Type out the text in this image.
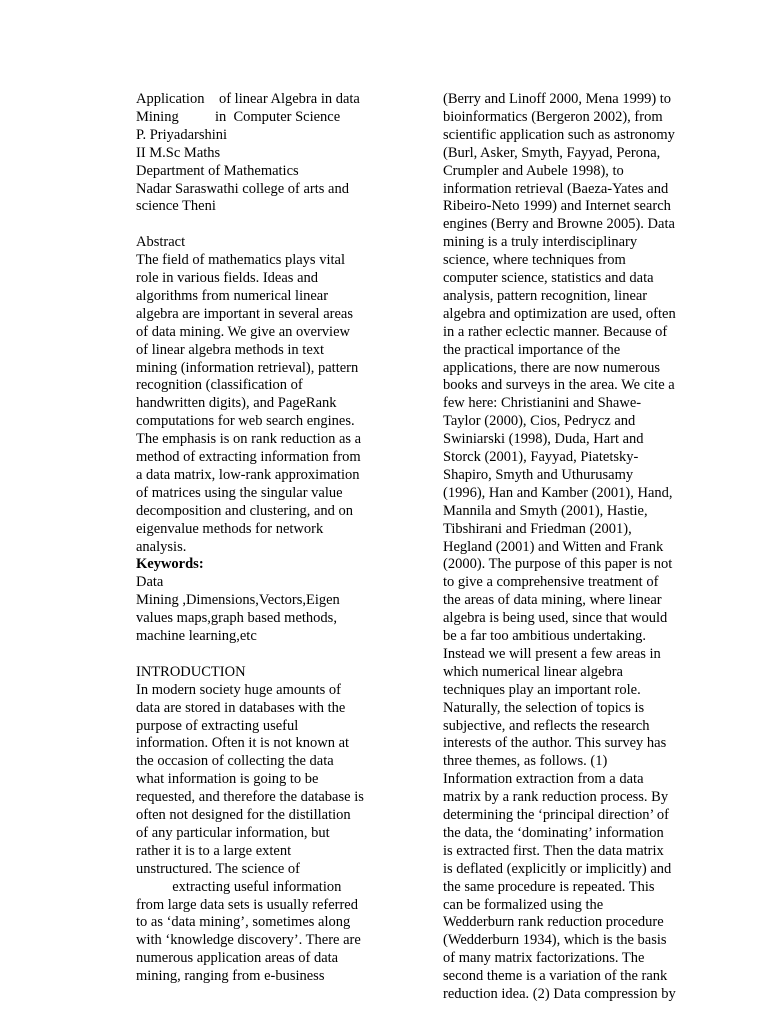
Application    of linear Algebra in data
Mining          in  Computer Science
P. Priyadarshini
II M.Sc Maths
Department of Mathematics
Nadar Saraswathi college of arts and
science Theni
Abstract
The field of mathematics plays vital
role in various fields. Ideas and
algorithms from numerical linear
algebra are important in several areas
of data mining. We give an overview
of linear algebra methods in text
mining (information retrieval), pattern
recognition (classification of
handwritten digits), and PageRank
computations for web search engines.
The emphasis is on rank reduction as a
method of extracting information from
a data matrix, low-rank approximation
of matrices using the singular value
decomposition and clustering, and on
eigenvalue methods for network
analysis.
Keywords:
Data
Mining ,Dimensions,Vectors,Eigen
values maps,graph based methods,
machine learning,etc
INTRODUCTION
In modern society huge amounts of
data are stored in databases with the
purpose of extracting useful
information. Often it is not known at
the occasion of collecting the data
what information is going to be
requested, and therefore the database is
often not designed for the distillation
of any particular information, but
rather it is to a large extent
unstructured. The science of
extracting useful information
from large data sets is usually referred
to as ‘data mining’, sometimes along
with ‘knowledge discovery’. There are
numerous application areas of data
mining, ranging from e-business
(Berry and Linoff 2000, Mena 1999) to
bioinformatics (Bergeron 2002), from
scientific application such as astronomy
(Burl, Asker, Smyth, Fayyad, Perona,
Crumpler and Aubele 1998), to
information retrieval (Baeza-Yates and
Ribeiro-Neto 1999) and Internet search
engines (Berry and Browne 2005). Data
mining is a truly interdisciplinary
science, where techniques from
computer science, statistics and data
analysis, pattern recognition, linear
algebra and optimization are used, often
in a rather eclectic manner. Because of
the practical importance of the
applications, there are now numerous
books and surveys in the area. We cite a
few here: Christianini and Shawe-
Taylor (2000), Cios, Pedrycz and
Swiniarski (1998), Duda, Hart and
Storck (2001), Fayyad, Piatetsky-
Shapiro, Smyth and Uthurusamy
(1996), Han and Kamber (2001), Hand,
Mannila and Smyth (2001), Hastie,
Tibshirani and Friedman (2001),
Hegland (2001) and Witten and Frank
(2000). The purpose of this paper is not
to give a comprehensive treatment of
the areas of data mining, where linear
algebra is being used, since that would
be a far too ambitious undertaking.
Instead we will present a few areas in
which numerical linear algebra
techniques play an important role.
Naturally, the selection of topics is
subjective, and reflects the research
interests of the author. This survey has
three themes, as follows. (1)
Information extraction from a data
matrix by a rank reduction process. By
determining the ‘principal direction’ of
the data, the ‘dominating’ information
is extracted first. Then the data matrix
is deflated (explicitly or implicitly) and
the same procedure is repeated. This
can be formalized using the
Wedderburn rank reduction procedure
(Wedderburn 1934), which is the basis
of many matrix factorizations. The
second theme is a variation of the rank
reduction idea. (2) Data compression by
